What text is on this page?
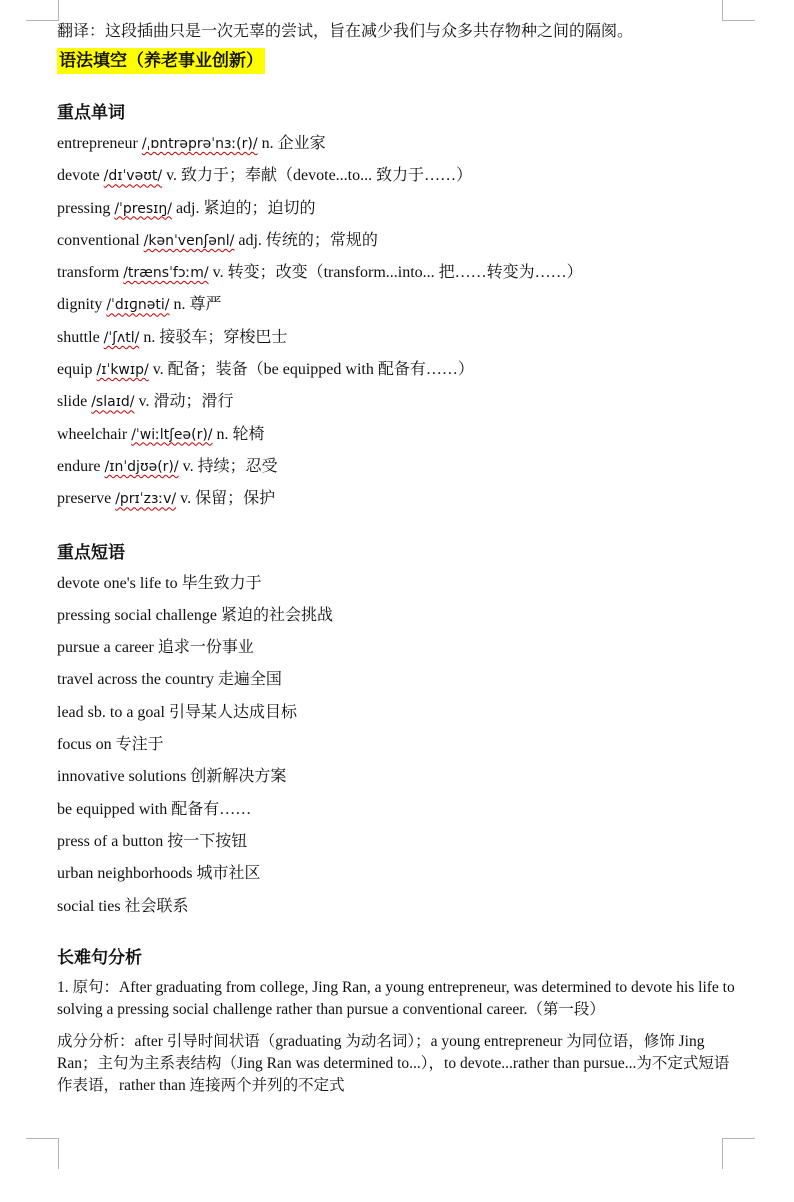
翻译：这段插曲只是一次无辜的尝试，旨在减少我们与众多共存物种之间的隔阂。
语法填空（养老事业创新）
重点单词
entrepreneur /ˌɒntrəprəˈnɜː(r)/ n. 企业家
devote /dɪˈvəʊt/ v. 致力于；奉献（devote...to... 致力于……）
pressing /ˈpresɪŋ/ adj. 紧迫的；迫切的
conventional /kənˈvenʃənl/ adj. 传统的；常规的
transform /trænsˈfɔːm/ v. 转变；改变（transform...into... 把……转变为……）
dignity /ˈdɪɡnəti/ n. 尊严
shuttle /ˈʃʌtl/ n. 接驳车；穿梭巴士
equip /ɪˈkwɪp/ v. 配备；装备（be equipped with 配备有……）
slide /slaɪd/ v. 滑动；滑行
wheelchair /ˈwiːltʃeə(r)/ n. 轮椅
endure /ɪnˈdjʊə(r)/ v. 持续；忍受
preserve /prɪˈzɜːv/ v. 保留；保护
重点短语
devote one's life to 毕生致力于
pressing social challenge 紧迫的社会挑战
pursue a career 追求一份事业
travel across the country 走遍全国
lead sb. to a goal 引导某人达成目标
focus on 专注于
innovative solutions 创新解决方案
be equipped with 配备有……
press of a button 按一下按钮
urban neighborhoods 城市社区
social ties 社会联系
长难句分析
1. 原句：After graduating from college, Jing Ran, a young entrepreneur, was determined to devote his life to solving a pressing social challenge rather than pursue a conventional career.（第一段）
成分分析：after 引导时间状语（graduating 为动名词）；a young entrepreneur 为同位语，修饰 Jing Ran；主句为主系表结构（Jing Ran was determined to...），to devote...rather than pursue...为不定式短语作表语，rather than 连接两个并列的不定式
